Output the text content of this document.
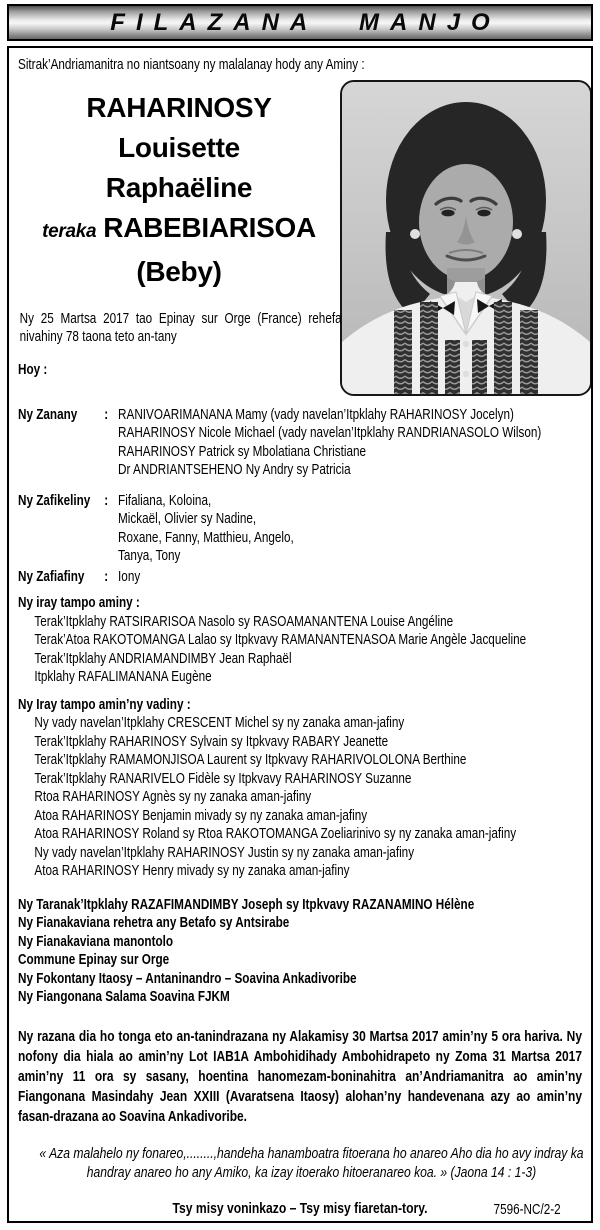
FILAZANA MANJO
Sitrak’Andriamanitra no niantsoany ny malalanay hody any Aminy :
RAHARINOSY
Louisette
Raphaëline
teraka RABEBIARISOA
(Beby)
Ny 25 Martsa 2017 tao Epinay sur Orge (France) rehefa nivahiny 78 taona teto an-tany
Hoy :
Ny Zanany : RANIVOARIMANANA Mamy (vady navelan’Itpklahy RAHARINOSY Jocelyn)
RAHARINOSY Nicole Michael (vady navelan’Itpklahy RANDRIANASOLO Wilson)
RAHARINOSY Patrick sy Mbolatiana Christiane
Dr ANDRIANTSEHENO Ny Andry sy Patricia
Ny Zafikeliny : Fifaliana, Koloina,
Mickaël, Olivier sy Nadine,
Roxane, Fanny, Matthieu, Angelo,
Tanya, Tony
Ny Zafiafiny : Iony
Ny iray tampo aminy :
Terak’Itpklahy RATSIRARISOA Nasolo sy RASOAMANANTENA Louise Angéline
Terak’Atoa RAKOTOMANGA Lalao sy Itpkvavy RAMANANTENASOA Marie Angèle Jacqueline
Terak’Itpklahy ANDRIAMANDIMBY Jean Raphaël
Itpklahy RAFALIMANANA Eugène
Ny Iray tampo amin’ny vadiny :
Ny vady navelan’Itpklahy CRESCENT Michel sy ny zanaka aman-jafiny
Terak’Itpklahy RAHARINOSY Sylvain sy Itpkvavy RABARY Jeanette
Terak’Itpklahy RAMAMONJISOA Laurent sy Itpkvavy RAHARIVOLOLONA Berthine
Terak’Itpklahy RANARIVELO Fidèle sy Itpkvavy RAHARINOSY Suzanne
Rtoa RAHARINOSY Agnès sy ny zanaka aman-jafiny
Atoa RAHARINOSY Benjamin mivady sy ny zanaka aman-jafiny
Atoa RAHARINOSY Roland sy Rtoa RAKOTOMANGA Zoeliarinivo sy ny zanaka aman-jafiny
Ny vady navelan’Itpklahy RAHARINOSY Justin sy ny zanaka aman-jafiny
Atoa RAHARINOSY Henry mivady sy ny zanaka aman-jafiny
Ny Taranak’Itpklahy RAZAFIMANDIMBY Joseph sy Itpkvavy RAZANAMINO Hélène
Ny Fianakaviana rehetra any Betafo sy Antsirabe
Ny Fianakaviana manontolo
Commune Epinay sur Orge
Ny Fokontany Itaosy – Antaninandro – Soavina Ankadivoribe
Ny Fiangonana Salama Soavina FJKM
Ny razana dia ho tonga eto an-tanindrazana ny Alakamisy 30 Martsa 2017 amin’ny 5 ora hariva. Ny nofony dia hiala ao amin’ny Lot IAB1A Ambohidihady Ambohidrapeto ny Zoma 31 Martsa 2017 amin’ny 11 ora sy sasany, hoentina hanomezam-boninahitra an’Andriamanitra ao amin’ny Fiangonana Masindahy Jean XXIII (Avaratsena Itaosy) alohan’ny handevenana azy ao amin’ny fasan-drazana ao Soavina Ankadivoribe.
« Aza malahelo ny fonareo,........,handeha hanamboatra fitoerana ho anareo Aho dia ho avy indray ka handray anareo ho any Amiko, ka izay itoerako hitoeranareo koa. » (Jaona 14 : 1-3)
Tsy misy voninkazo – Tsy misy fiaretan-tory.	7596-NC/2-2
